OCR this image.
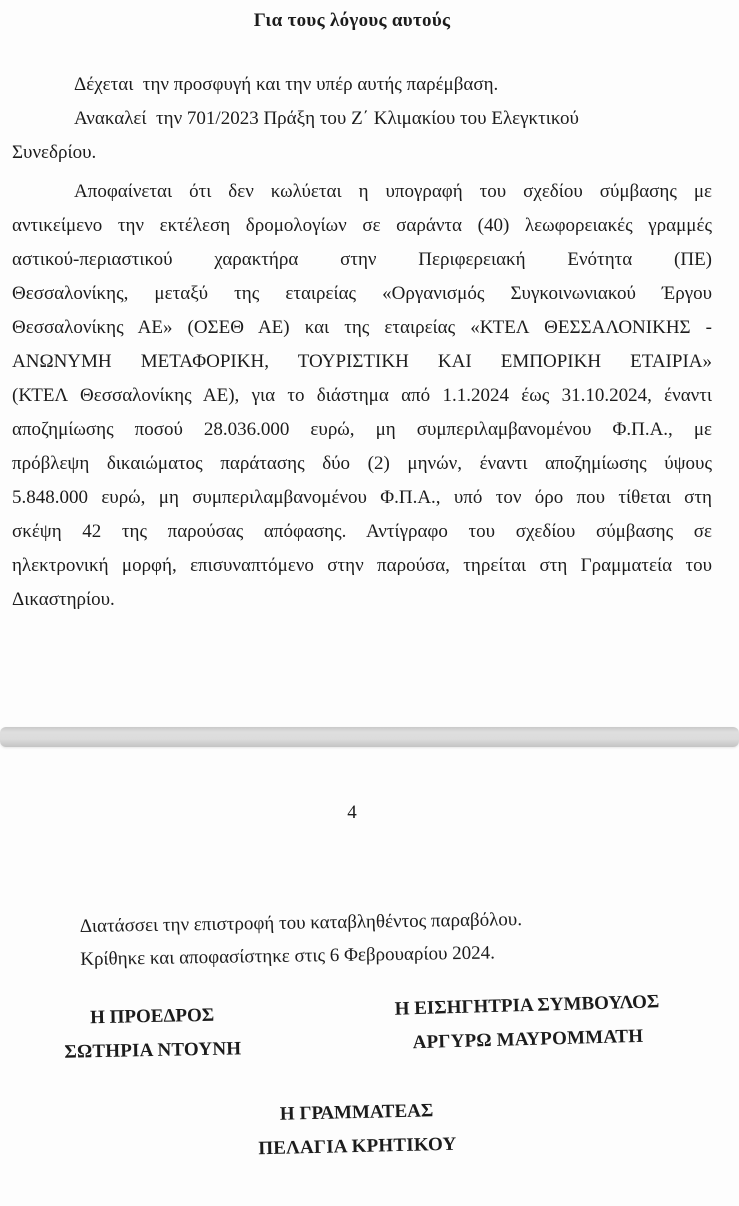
Για τους λόγους αυτούς
Δέχεται  την προσφυγή και την υπέρ αυτής παρέμβαση.
Ανακαλεί  την 701/2023 Πράξη του Ζ΄ Κλιμακίου του Ελεγκτικού
Συνεδρίου.
Αποφαίνεται ότι δεν κωλύεται η υπογραφή του σχεδίου σύμβασης με
αντικείμενο την εκτέλεση δρομολογίων σε σαράντα (40) λεωφορειακές γραμμές
αστικού-περιαστικού χαρακτήρα στην Περιφερειακή Ενότητα (ΠΕ)
Θεσσαλονίκης, μεταξύ της εταιρείας «Οργανισμός Συγκοινωνιακού Έργου
Θεσσαλονίκης ΑΕ» (ΟΣΕΘ ΑΕ) και της εταιρείας «ΚΤΕΛ ΘΕΣΣΑΛΟΝΙΚΗΣ -
ΑΝΩΝΥΜΗ ΜΕΤΑΦΟΡΙΚΗ, ΤΟΥΡΙΣΤΙΚΗ ΚΑΙ ΕΜΠΟΡΙΚΗ ΕΤΑΙΡΙΑ»
(ΚΤΕΛ Θεσσαλονίκης ΑΕ), για το διάστημα από 1.1.2024 έως 31.10.2024, έναντι
αποζημίωσης ποσού 28.036.000 ευρώ, μη συμπεριλαμβανομένου Φ.Π.Α., με
πρόβλεψη δικαιώματος παράτασης δύο (2) μηνών, έναντι αποζημίωσης ύψους
5.848.000 ευρώ, μη συμπεριλαμβανομένου Φ.Π.Α., υπό τον όρο που τίθεται στη
σκέψη 42 της παρούσας απόφασης. Αντίγραφο του σχεδίου σύμβασης σε
ηλεκτρονική μορφή, επισυναπτόμενο στην παρούσα, τηρείται στη Γραμματεία του
Δικαστηρίου.
4
Διατάσσει την επιστροφή του καταβληθέντος παραβόλου.
Κρίθηκε και αποφασίστηκε στις 6 Φεβρουαρίου 2024.
Η ΠΡΟΕΔΡΟΣ
ΣΩΤΗΡΙΑ ΝΤΟΥΝΗ
Η ΕΙΣΗΓΗΤΡΙΑ ΣΥΜΒΟΥΛΟΣ
ΑΡΓΥΡΩ ΜΑΥΡΟΜΜΑΤΗ
Η ΓΡΑΜΜΑΤΕΑΣ
ΠΕΛΑΓΙΑ ΚΡΗΤΙΚΟΥ
